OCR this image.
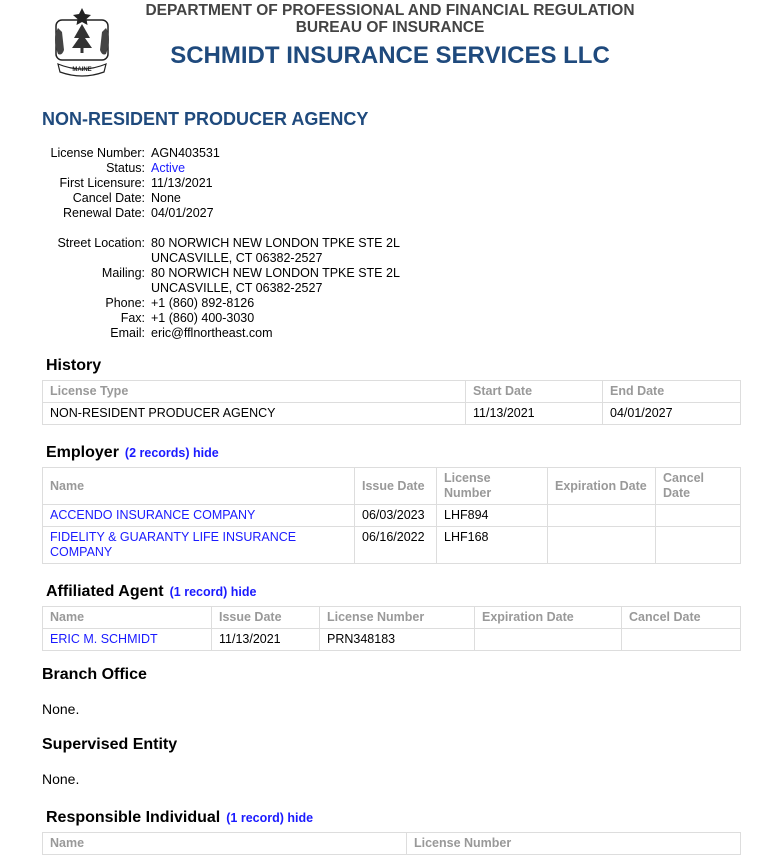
MAINE
DEPARTMENT OF PROFESSIONAL AND FINANCIAL REGULATION
BUREAU OF INSURANCE
SCHMIDT INSURANCE SERVICES LLC
NON-RESIDENT PRODUCER AGENCY
License Number: AGN403531
Status: Active
First Licensure: 11/13/2021
Cancel Date: None
Renewal Date: 04/01/2027
Street Location: 80 NORWICH NEW LONDON TPKE STE 2L
UNCASVILLE, CT 06382-2527
Mailing: 80 NORWICH NEW LONDON TPKE STE 2L
UNCASVILLE, CT 06382-2527
Phone: +1 (860) 892-8126
Fax: +1 (860) 400-3030
Email: eric@fflnortheast.com
History
License Type	Start Date	End Date
NON-RESIDENT PRODUCER AGENCY	11/13/2021	04/01/2027
Employer (2 records) hide
Name	Issue Date	License Number	Expiration Date	Cancel Date
ACCENDO INSURANCE COMPANY	06/03/2023	LHF894		
FIDELITY & GUARANTY LIFE INSURANCE COMPANY	06/16/2022	LHF168		
Affiliated Agent (1 record) hide
Name	Issue Date	License Number	Expiration Date	Cancel Date
ERIC M. SCHMIDT	11/13/2021	PRN348183		
Branch Office

None.

Supervised Entity

None.

Responsible Individual (1 record) hide
Name	License Number
